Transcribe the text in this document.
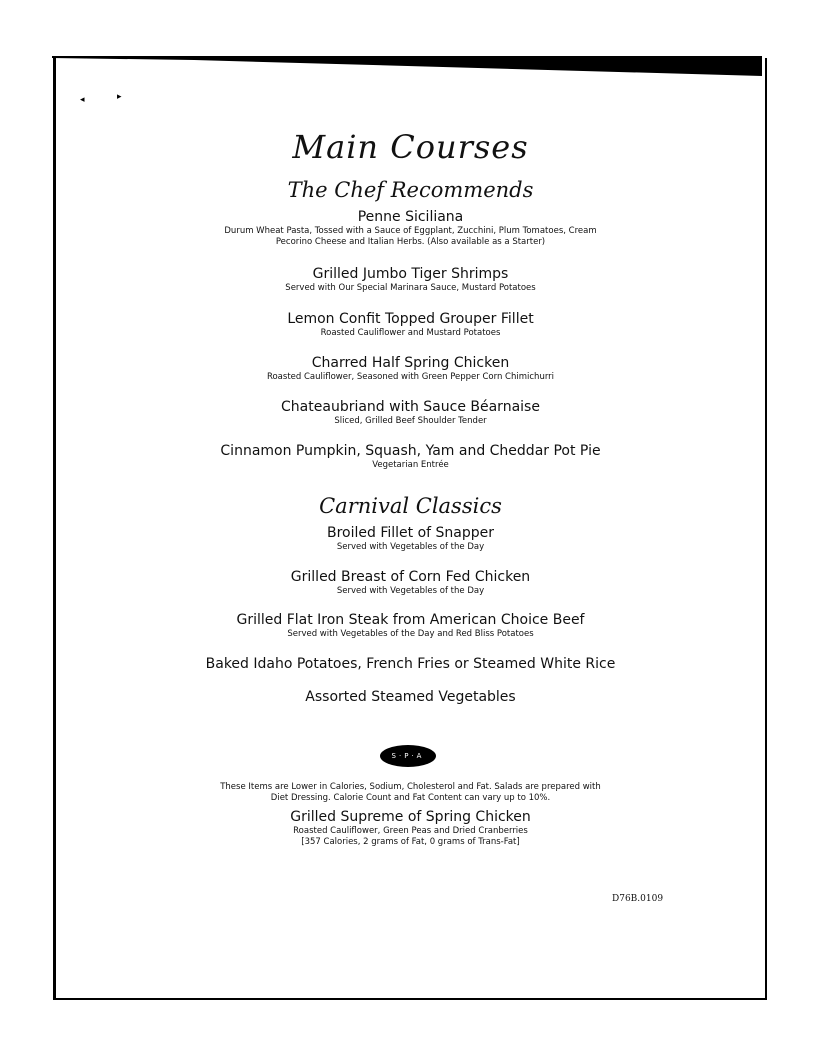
◂	▸
Main Courses
The Chef Recommends
Penne Siciliana
Durum Wheat Pasta, Tossed with a Sauce of Eggplant, Zucchini, Plum Tomatoes, Cream
Pecorino Cheese and Italian Herbs. (Also available as a Starter)
Grilled Jumbo Tiger Shrimps
Served with Our Special Marinara Sauce, Mustard Potatoes
Lemon Confit Topped Grouper Fillet
Roasted Cauliflower and Mustard Potatoes
Charred Half Spring Chicken
Roasted Cauliflower, Seasoned with Green Pepper Corn Chimichurri
Chateaubriand with Sauce Béarnaise
Sliced, Grilled Beef Shoulder Tender
Cinnamon Pumpkin, Squash, Yam and Cheddar Pot Pie
Vegetarian Entrée
Carnival Classics
Broiled Fillet of Snapper
Served with Vegetables of the Day
Grilled Breast of Corn Fed Chicken
Served with Vegetables of the Day
Grilled Flat Iron Steak from American Choice Beef
Served with Vegetables of the Day and Red Bliss Potatoes
Baked Idaho Potatoes, French Fries or Steamed White Rice
Assorted Steamed Vegetables
S·P·A
These Items are Lower in Calories, Sodium, Cholesterol and Fat. Salads are prepared with
Diet Dressing. Calorie Count and Fat Content can vary up to 10%.
Grilled Supreme of Spring Chicken
Roasted Cauliflower, Green Peas and Dried Cranberries
[357 Calories, 2 grams of Fat, 0 grams of Trans-Fat]
D76B.0109
